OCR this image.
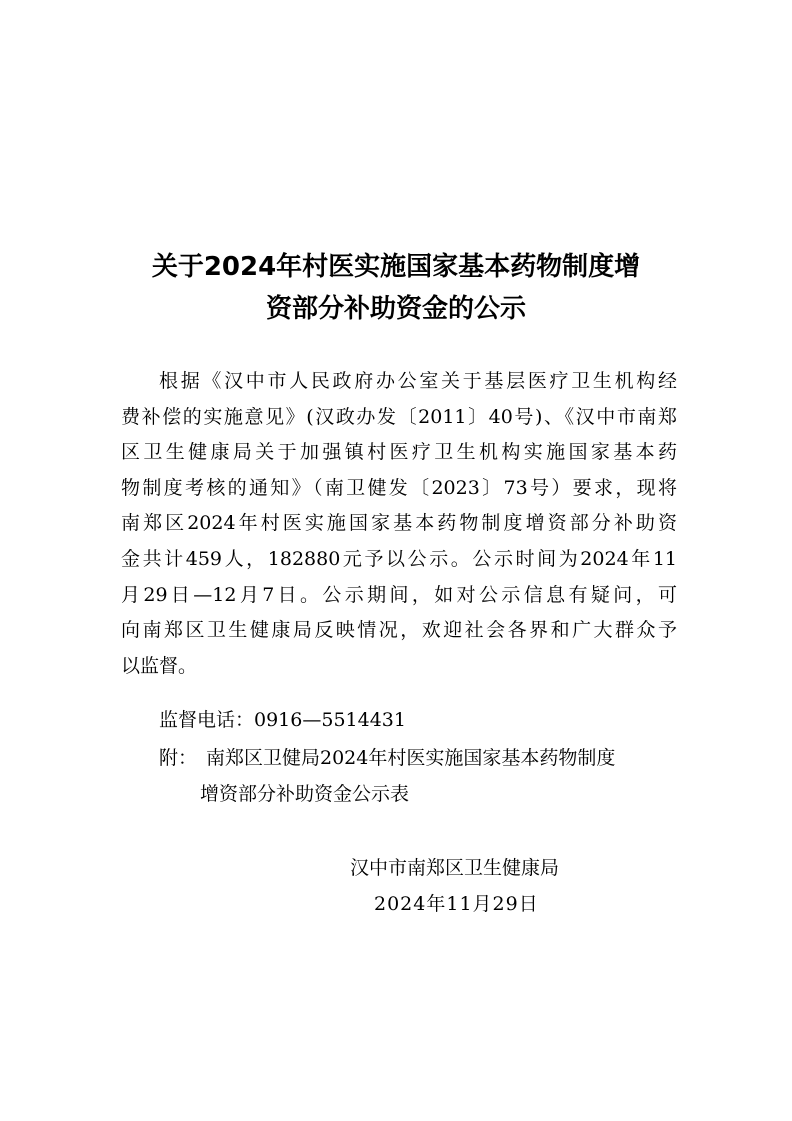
关于2024年村医实施国家基本药物制度增
资部分补助资金的公示
根据《汉中市人民政府办公室关于基层医疗卫生机构经
费补偿的实施意见》(汉政办发〔2011〕40号)、《汉中市南郑
区卫生健康局关于加强镇村医疗卫生机构实施国家基本药
物制度考核的通知》（南卫健发〔2023〕73号）要求，现将
南郑区2024年村医实施国家基本药物制度增资部分补助资
金共计459人，182880元予以公示。公示时间为2024年11
月29日—12月7日。公示期间，如对公示信息有疑问，可
向南郑区卫生健康局反映情况，欢迎社会各界和广大群众予
以监督。
监督电话：0916—5514431
附： 南郑区卫健局2024年村医实施国家基本药物制度
增资部分补助资金公示表
汉中市南郑区卫生健康局
2024年11月29日
